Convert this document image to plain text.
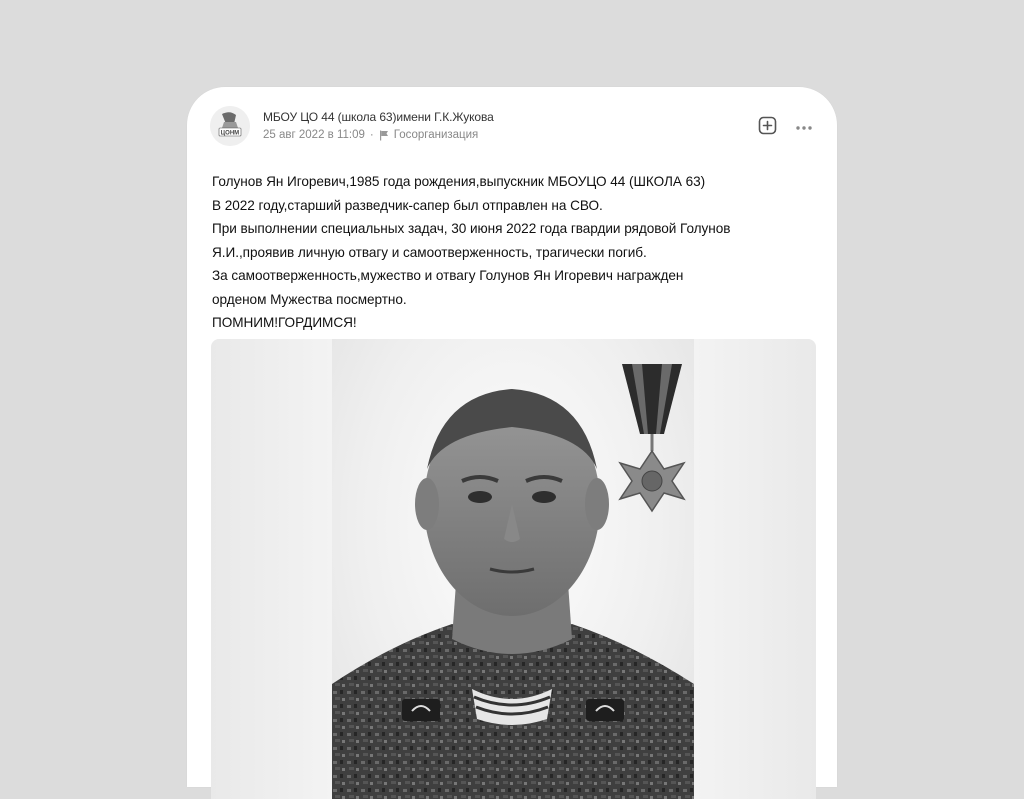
ЦОНМ
МБОУ ЦО 44 (школа 63)имени Г.К.Жукова
25 авг 2022 в 11:09 · Госорганизация

Голунов Ян Игоревич,1985 года рождения,выпускник МБОУЦО 44 (ШКОЛА 63)

В 2022 году,старший разведчик-сапер был отправлен на СВО.

При выполнении специальных задач, 30 июня 2022 года гвардии рядовой Голунов

Я.И.,проявив личную отвагу и самоотверженность, трагически погиб.

За самоотверженность,мужество и отвагу Голунов Ян Игоревич награжден

орденом Мужества посмертно.

ПОМНИМ!ГОРДИМСЯ!
